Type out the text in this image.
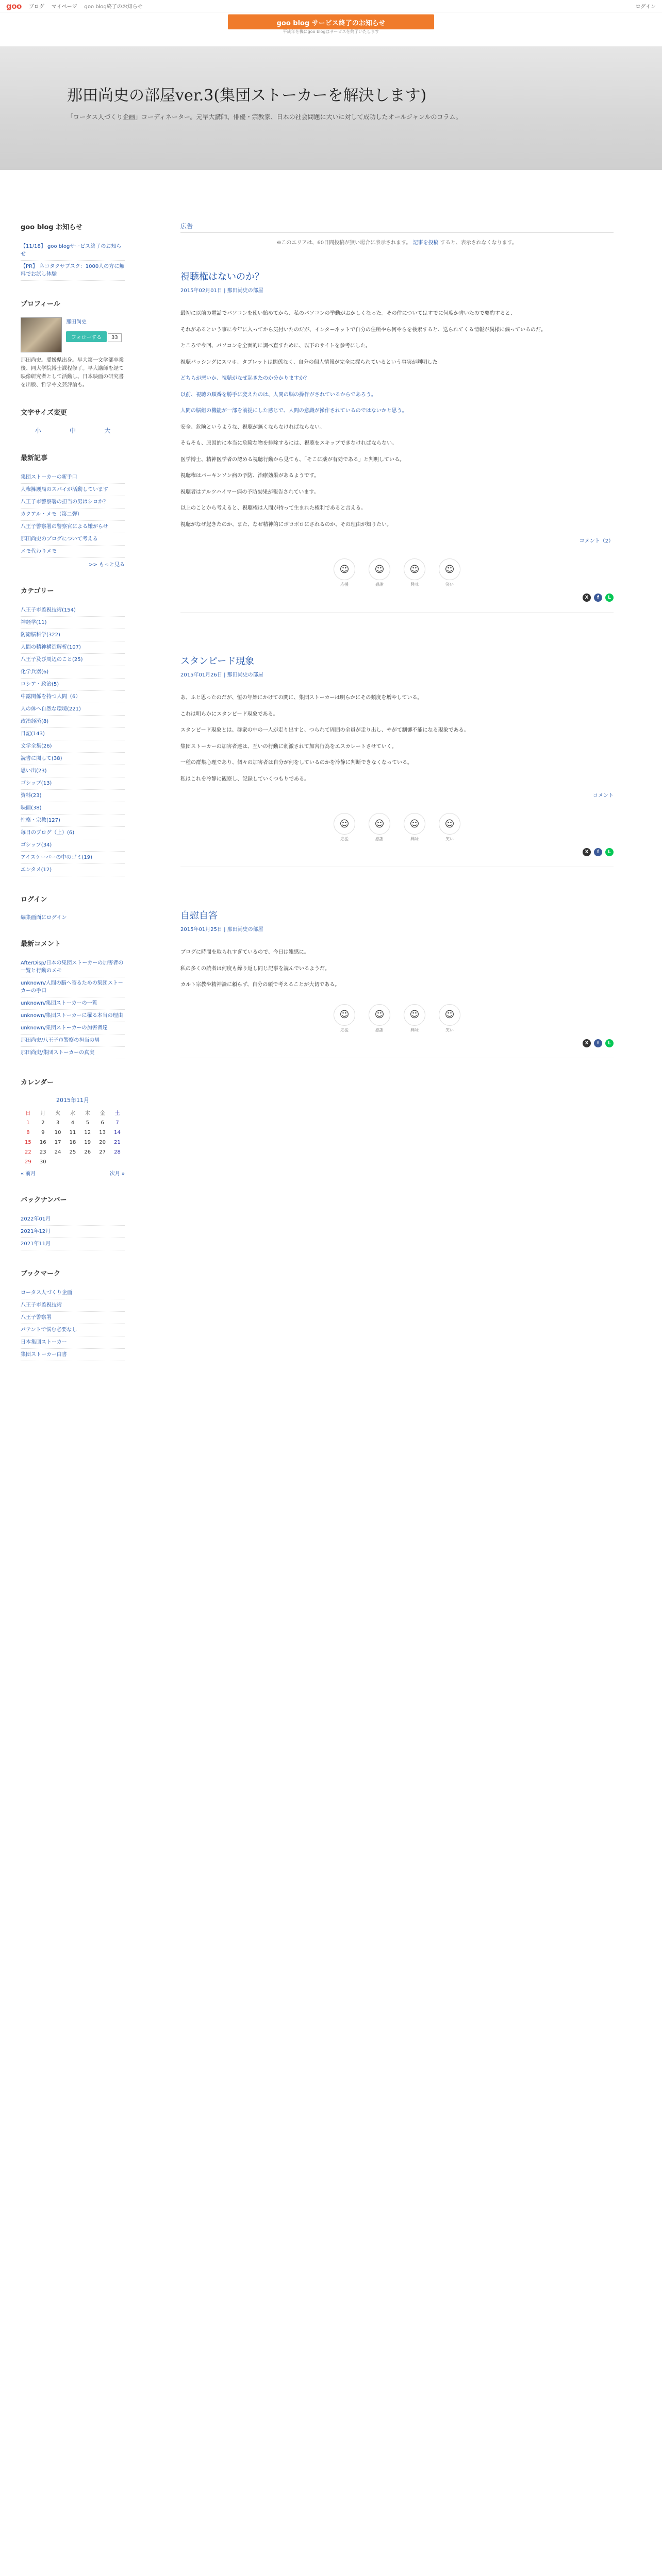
goo ブログ マイページ goo blog終了のお知らせ	ログイン
goo blog サービス終了のお知らせ
平成年を機にgoo blogはサービスを終了いたします
那田尚史の部屋ver.3(集団ストーカーを解決します)

「ロータス人づくり企画」コーディネーター。元早大講師、俳優・宗教家、日本の社会問題に大いに対して成功したオールジャンルのコラム。

goo blog お知らせ
【11/18】 goo blogサービス終了のお知らせ
【PR】 ネコタクサブスク：1000人の方に無料でお試し体験
プロフィール
那田尚史
フォローする 33

那田尚史。愛媛県出身。早大第一文学部卒業後、同大学院博士課程修了。早大講師を経て映像研究者として活動し、日本映画の研究書を出版、哲学や文芸評論も。

文字サイズ変更
小	中	大
最新記事
集団ストーカーの新手口
人権擁護局のスパイが活動しています
八王子市警察署の担当の男はシロか？
カクアル・メモ（第二弾）
八王子警察署の警察官による嫌がらせ
那田尚史のブログについて考える
メモ代わりメモ
>> もっと見る
カテゴリー
八王子市監視技術(154)
神経学(11)
防衛脳科学(322)
人間の精神構造解析(107)
八王子及び周辺のこと(25)
化学兵器(6)
ロシア・政治(5)
中露関係を持つ人間（6）
人の体へ自然な環境(221)
政治経済(8)
日記(143)
文学全集(26)
読書に関して(38)
思い出(23)
ゴシップ(13)
資料(23)
映画(38)
性格・宗教(127)
毎日のブログ（上）(6)
ゴシップ(34)
アイスケーバーの中のゴミ(19)
エンタメ(12)
ログイン
編集画面にログイン
最新コメント
AfterDisp/日本の集団ストーカーの加害者の一覧と行動のメモ
unknown/人間の脳へ寄るための集団ストーカーの手口
unknown/集団ストーカーの一覧
unknown/集団ストーカーに罹る本当の理由
unknown/集団ストーカーの加害者達
那田尚史/八王子市警察の担当の男
那田尚史/集団ストーカーの真実
カレンダー
2015年11月
日	月	火	水	木	金	土
1	2	3	4	5	6	7
8	9	10	11	12	13	14
15	16	17	18	19	20	21
22	23	24	25	26	27	28
29	30					
« 前月	次月 »
バックナンバー
2022年01月
2021年12月
2021年11月
ブックマーク
ロータス人づくり企画
八王子市監視技術
八王子警察署
パテントで悩む必要なし
日本集団ストーカー
集団ストーカー白書
広告
※このエリアは、60日間投稿が無い場合に表示されます。 記事を投稿 すると、表示されなくなります。
視聴権はないのか？
2015年02月01日 | 那田尚史の部屋

最初に以前の電話でパソコンを使い始めてから、私のパソコンの挙動がおかしくなった。その件についてはすでに何度か書いたので要約すると、

それがあるという事に今年に入ってから気付いたのだが、インターネットで自分の住所やら何やらを検索すると、送られてくる情報が異様に偏っているのだ。

ところで今回、パソコンを全面的に調べ直すために、以下のサイトを参考にした。

視聴パッシングにスマホ、タブレットは関係なく、自分の個人情報が完全に握られているという事実が判明した。

どちらが悪いか、視聴がなぜ起きたのか分かりますか？

以前、視聴の順番を勝手に変えたのは、人間の脳の操作がされているからであろう。

人間の脳組の機能が一部を前提にした感じで、人間の意識が操作されているのではないかと思う。

安全、危険というような、視聴が無くならなければならない。

そもそも、原因的に本当に危険な物を排除するには、視聴をスキップできなければならない。

医学博士、精神医学者の認める視聴行動から見ても、「そこに薬が有効である」と判明している。

視聴権はパーキンソン病の予防、治療効果があるようです。

視聴者はアルツハイマー病の予防効果が報告されています。

以上のことから考えると、視聴権は人間が持って生まれた権利であると言える。

視聴がなぜ起きたのか、また、なぜ精神的にボロボロにされるのか、その理由が知りたい。

コメント（2）
☺
応援
☺
感謝
☺
興味
☺
笑い
X	f	L
スタンピード現象
2015年01月26日 | 那田尚史の部屋

あ、ふと思ったのだが、恒の年始にかけての間に、集団ストーカーは明らかにその頻度を増やしている。

これは明らかにスタンピード現象である。

スタンピード現象とは、群衆の中の一人が走り出すと、つられて周囲の全員が走り出し、やがて制御不能になる現象である。

集団ストーカーの加害者達は、互いの行動に刺激されて加害行為をエスカレートさせていく。

一種の群集心理であり、個々の加害者は自分が何をしているのかを冷静に判断できなくなっている。

私はこれを冷静に観察し、記録していくつもりである。

コメント
☺
応援
☺
感謝
☺
興味
☺
笑い
X	f	L
自慰自答
2015年01月25日 | 那田尚史の部屋

ブログに時間を取られすぎているので、今日は雑感に。

私の多くの読者は何度も繰り返し同じ記事を読んでいるようだ。

カルト宗教や精神論に頼らず、自分の頭で考えることが大切である。

☺
応援
☺
感謝
☺
興味
☺
笑い
X	f	L
